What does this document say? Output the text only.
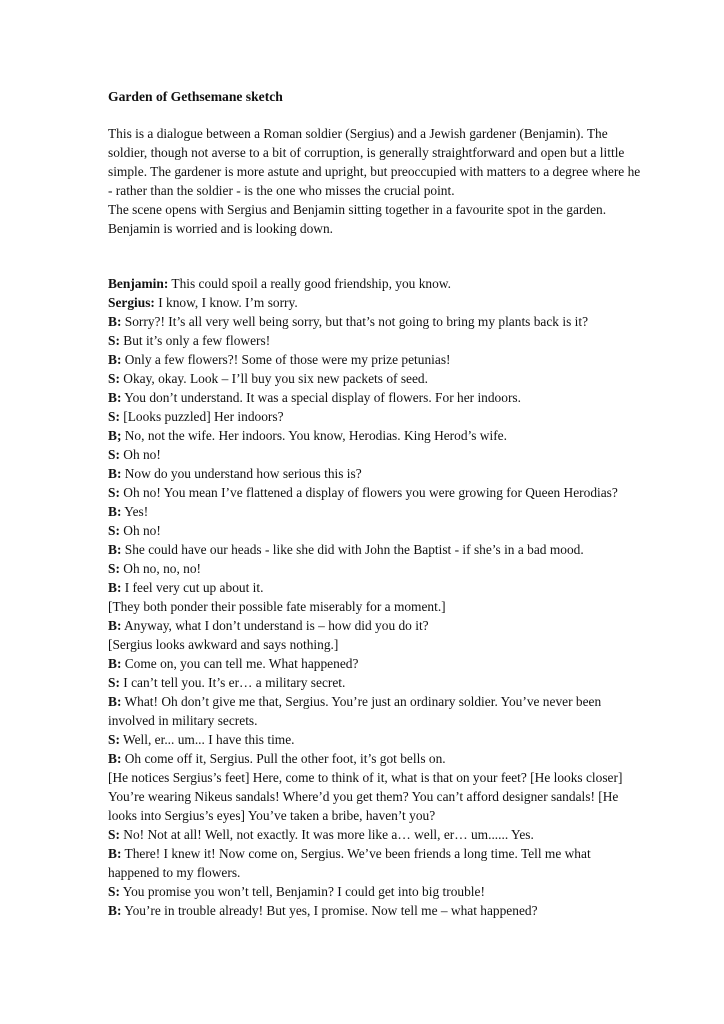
Garden of Gethsemane sketch

This is a dialogue between a Roman soldier (Sergius) and a Jewish gardener (Benjamin). The soldier, though not averse to a bit of corruption, is generally straightforward and open but a little simple. The gardener is more astute and upright, but preoccupied with matters to a degree where he - rather than the soldier - is the one who misses the crucial point.

The scene opens with Sergius and Benjamin sitting together in a favourite spot in the garden. Benjamin is worried and is looking down.

Benjamin: This could spoil a really good friendship, you know.

Sergius: I know, I know. I’m sorry.

B: Sorry?! It’s all very well being sorry, but that’s not going to bring my plants back is it?

S: But it’s only a few flowers!

B: Only a few flowers?! Some of those were my prize petunias!

S: Okay, okay. Look – I’ll buy you six new packets of seed.

B: You don’t understand. It was a special display of flowers. For her indoors.

S: [Looks puzzled] Her indoors?

B; No, not the wife. Her indoors. You know, Herodias. King Herod’s wife.

S: Oh no!

B: Now do you understand how serious this is?

S: Oh no! You mean I’ve flattened a display of flowers you were growing for Queen Herodias?

B: Yes!

S: Oh no!

B: She could have our heads - like she did with John the Baptist - if she’s in a bad mood.

S: Oh no, no, no!

B: I feel very cut up about it.

[They both ponder their possible fate miserably for a moment.]

B: Anyway, what I don’t understand is – how did you do it?

[Sergius looks awkward and says nothing.]

B: Come on, you can tell me. What happened?

S: I can’t tell you. It’s er… a military secret.

B: What! Oh don’t give me that, Sergius. You’re just an ordinary soldier. You’ve never been involved in military secrets.

S: Well, er... um... I have this time.

B: Oh come off it, Sergius. Pull the other foot, it’s got bells on.

[He notices Sergius’s feet] Here, come to think of it, what is that on your feet? [He looks closer] You’re wearing Nikeus sandals! Where’d you get them? You can’t afford designer sandals! [He looks into Sergius’s eyes] You’ve taken a bribe, haven’t you?

S: No! Not at all! Well, not exactly. It was more like a… well, er… um...... Yes.

B: There! I knew it! Now come on, Sergius. We’ve been friends a long time. Tell me what happened to my flowers.

S: You promise you won’t tell, Benjamin? I could get into big trouble!

B: You’re in trouble already! But yes, I promise. Now tell me – what happened?
